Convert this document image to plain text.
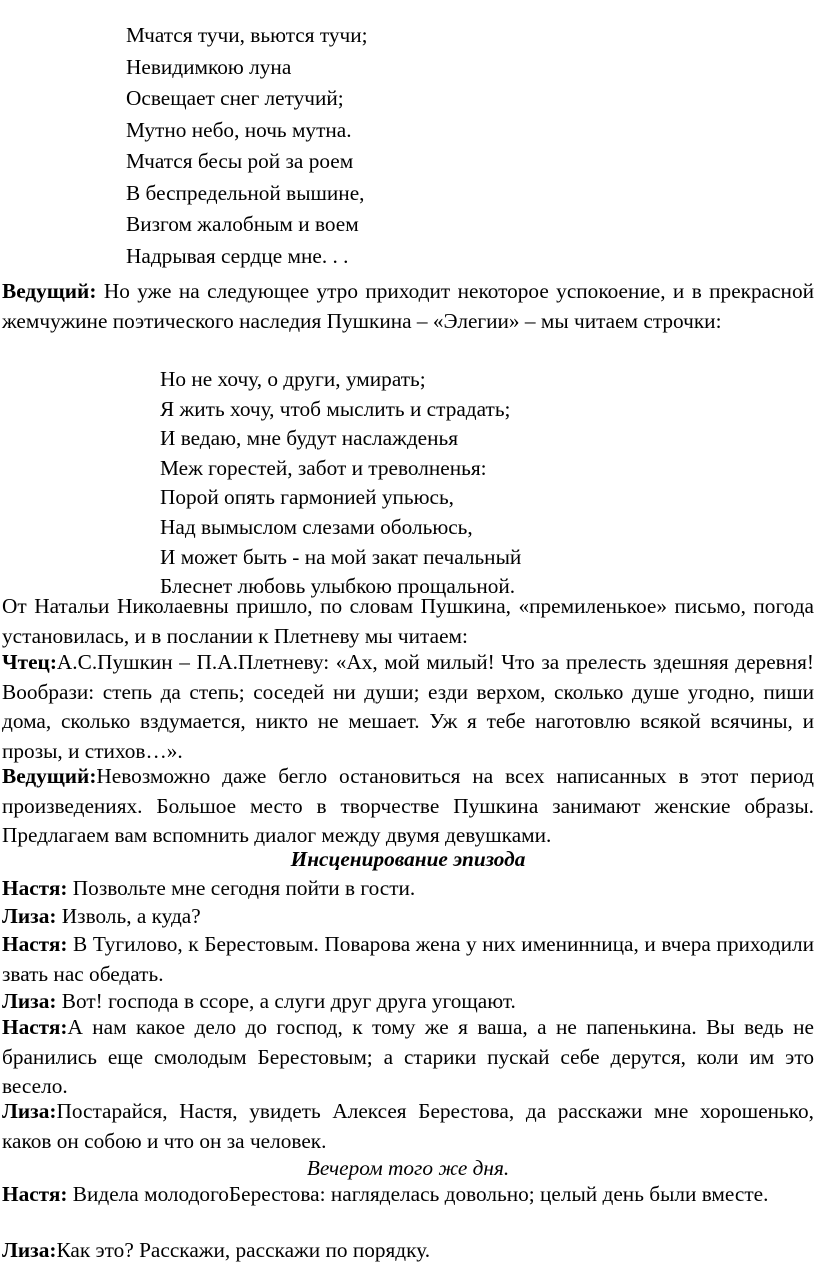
Мчатся тучи, вьются тучи;
Невидимкою луна
Освещает снег летучий;
Мутно небо, ночь мутна.
Мчатся бесы рой за роем
В беспредельной вышине,
Визгом жалобным и воем
Надрывая сердце мне. . .
Ведущий: Но уже на следующее утро приходит некоторое успокоение, и в прекрасной жемчужине поэтического наследия Пушкина – «Элегии» – мы читаем строчки:
Но не хочу, о други, умирать;
Я жить хочу, чтоб мыслить и страдать;
И ведаю, мне будут наслажденья
Меж горестей, забот и треволненья:
Порой опять гармонией упьюсь,
Над вымыслом слезами обольюсь,
И может быть - на мой закат печальный
Блеснет любовь улыбкою прощальной.
От Натальи Николаевны пришло, по словам Пушкина, «премиленькое» письмо, погода установилась, и в послании к Плетневу мы читаем:
Чтец:А.С.Пушкин – П.А.Плетневу: «Ах, мой милый! Что за прелесть здешняя деревня! Вообрази: степь да степь; соседей ни души; езди верхом, сколько душе угодно, пиши дома, сколько вздумается, никто не мешает. Уж я тебе наготовлю всякой всячины, и прозы, и стихов…».
Ведущий:Невозможно даже бегло остановиться на всех написанных в этот период произведениях. Большое место в творчестве Пушкина занимают женские образы. Предлагаем вам вспомнить диалог между двумя девушками.
Инсценирование эпизода
Настя: Позвольте мне сегодня пойти в гости.
Лиза: Изволь, а куда?
Настя: В Тугилово, к Берестовым. Поварова жена у них именинница, и вчера приходили звать нас обедать.
Лиза: Вот! господа в ссоре, а слуги друг друга угощают.
Настя:А нам какое дело до господ, к тому же я ваша, а не папенькина. Вы ведь не бранились еще смолодым Берестовым; а старики пускай себе дерутся, коли им это весело.
Лиза:Постарайся, Настя, увидеть Алексея Берестова, да расскажи мне хорошенько, каков он собою и что он за человек.
Вечером того же дня.
Настя: Видела молодогоБерестова: нагляделась довольно; целый день были вместе.
Лиза:Как это? Расскажи, расскажи по порядку.
